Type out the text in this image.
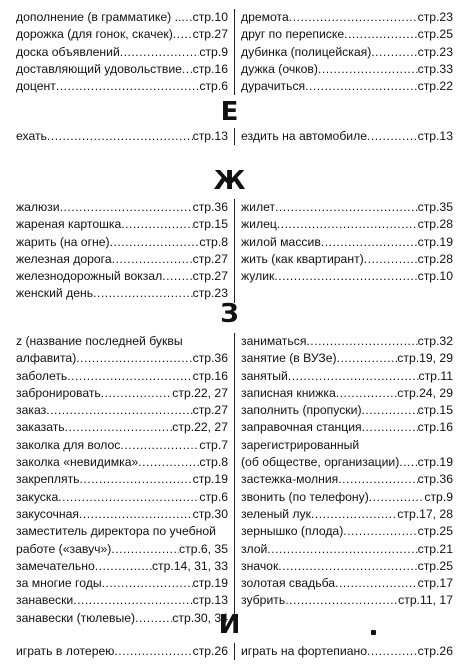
дополнение (в грамматике) .. ..... стр.10
дорожка (для гонок, скачек) ..... стр.27
доска объявлений .....	стр.9
доставляющий удовольствие ..... стр.16
доцент .....	стр.6
дремота .....	стр.23
друг по переписке .....	стр.25
дубинка (полицейская) .....	стр.23
дужка (очков) .....	стр.33
дурачиться .....	стр.22
Е
ехать .....	стр.13 ездить на автомобиле .....	стр.13
Ж
жалюзи .....	стр.36
жареная картошка .....	стр.15
жарить (на огне) .....	стр.8
железная дорога .....	стр.27
железнодорожный вокзал ..... стр.27
женский день .....	стр.23
жилет .....	стр.35
жилец .....	стр.28
жилой массив .....	стр.19
жить (как квартирант) .....	стр.28
жулик .....	стр.10
З
z (название последней буквы
алфавита) .....	стр.36
заболеть .....	стр.16
забронировать .....	стр.22, 27
заказ .....	стр.27
заказать .....	стр.22, 27
заколка для волос .....	стр.7
заколка «невидимка» .....	стр.8
закреплять .....	стр.19
закуска .....	стр.6
закусочная .....	стр.30
заместитель директора по учебной
работе («завуч») .....	стр.6, 35
замечательно .....	стр.14, 31, 33
за многие годы .....	стр.19
занавески .....	стр.13
занавески (тюлевые) .....	стр.30, 34
заниматься .....	стр.32
занятие (в ВУЗе) .....	стр.19, 29
занятый .....	стр.11
записная книжка .....	стр.24, 29
заполнить (пропуски) .....	стр.15
заправочная станция .....	стр.16
зарегистрированный
(об обществе, организации) ..... стр.19
застежка-молния .....	стр.36
звонить (по телефону) .....	стр.9
зеленый лук .....	стр.17, 28
зернышко (плода) .....	стр.25
злой .....	стр.21
значок .....	стр.25
золотая свадьба .....	стр.17
зубрить .....	стр.11, 17
И
играть в лотерею .....	стр.26 играть на фортепиано .....	стр.26
